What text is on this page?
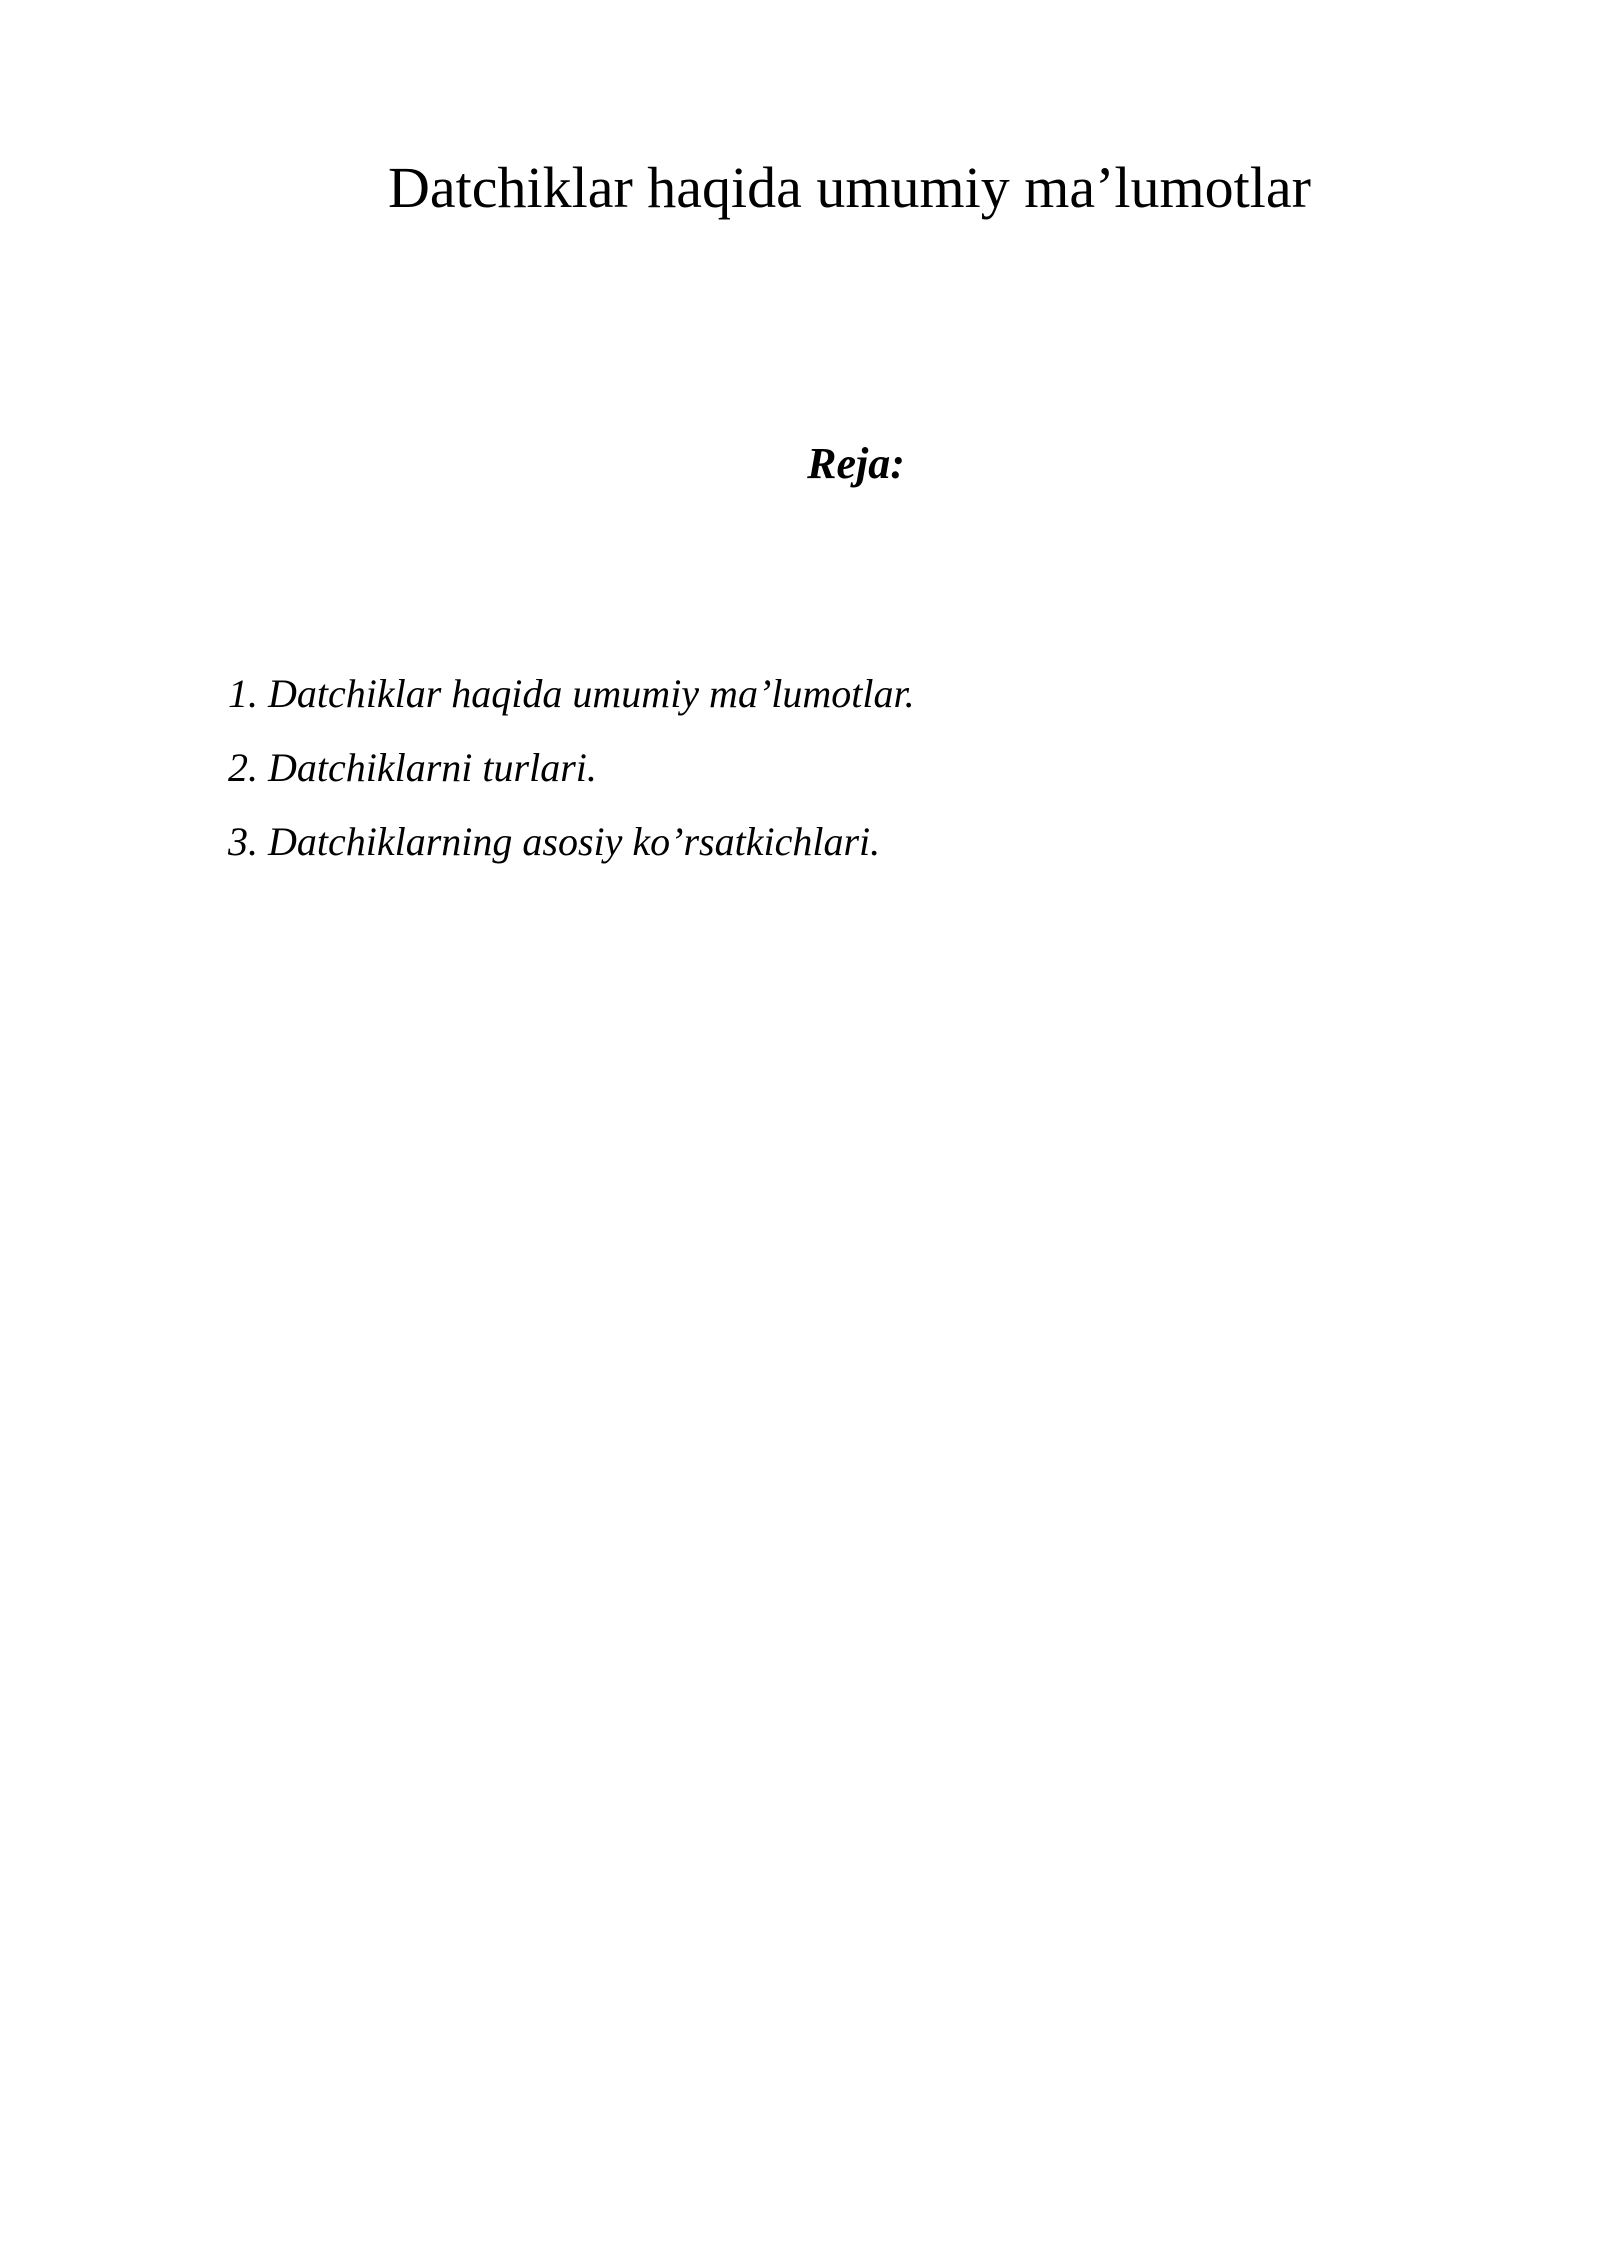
Datchiklar haqida umumiy ma’lumotlar
Reja:
1. Datchiklar haqida umumiy ma’lumotlar.
2. Datchiklarni turlari.
3. Datchiklarning asosiy ko’rsatkichlari.
